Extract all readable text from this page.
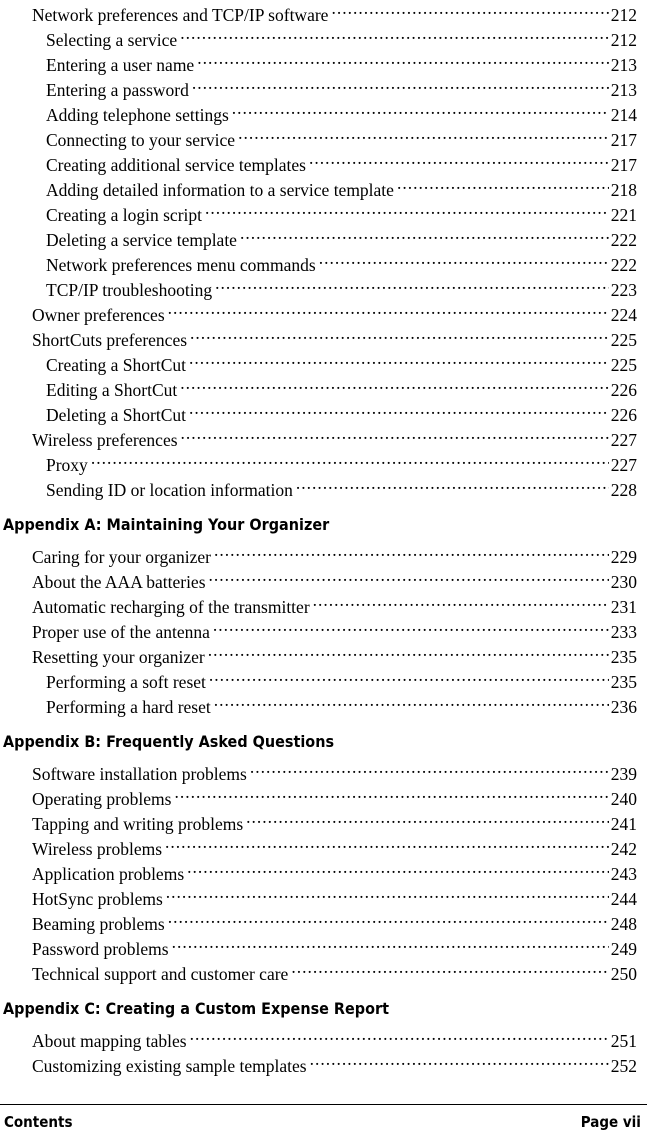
Network preferences and TCP/IP software .....	212
Selecting a service .....	212
Entering a user name .....	213
Entering a password .....	213
Adding telephone settings .....	214
Connecting to your service .....	217
Creating additional service templates .....	217
Adding detailed information to a service template .....	218
Creating a login script .....	221
Deleting a service template .....	222
Network preferences menu commands .....	222
TCP/IP troubleshooting .....	223
Owner preferences .....	224
ShortCuts preferences .....	225
Creating a ShortCut .....	225
Editing a ShortCut .....	226
Deleting a ShortCut .....	226
Wireless preferences .....	227
Proxy .....	227
Sending ID or location information .....	228
Appendix A: Maintaining Your Organizer
Caring for your organizer .....	229
About the AAA batteries .....	230
Automatic recharging of the transmitter .....	231
Proper use of the antenna .....	233
Resetting your organizer .....	235
Performing a soft reset .....	235
Performing a hard reset .....	236
Appendix B: Frequently Asked Questions
Software installation problems .....	239
Operating problems .....	240
Tapping and writing problems .....	241
Wireless problems .....	242
Application problems .....	243
HotSync problems .....	244
Beaming problems .....	248
Password problems .....	249
Technical support and customer care .....	250
Appendix C: Creating a Custom Expense Report
About mapping tables .....	251
Customizing existing sample templates .....	252
Contents	Page vii
